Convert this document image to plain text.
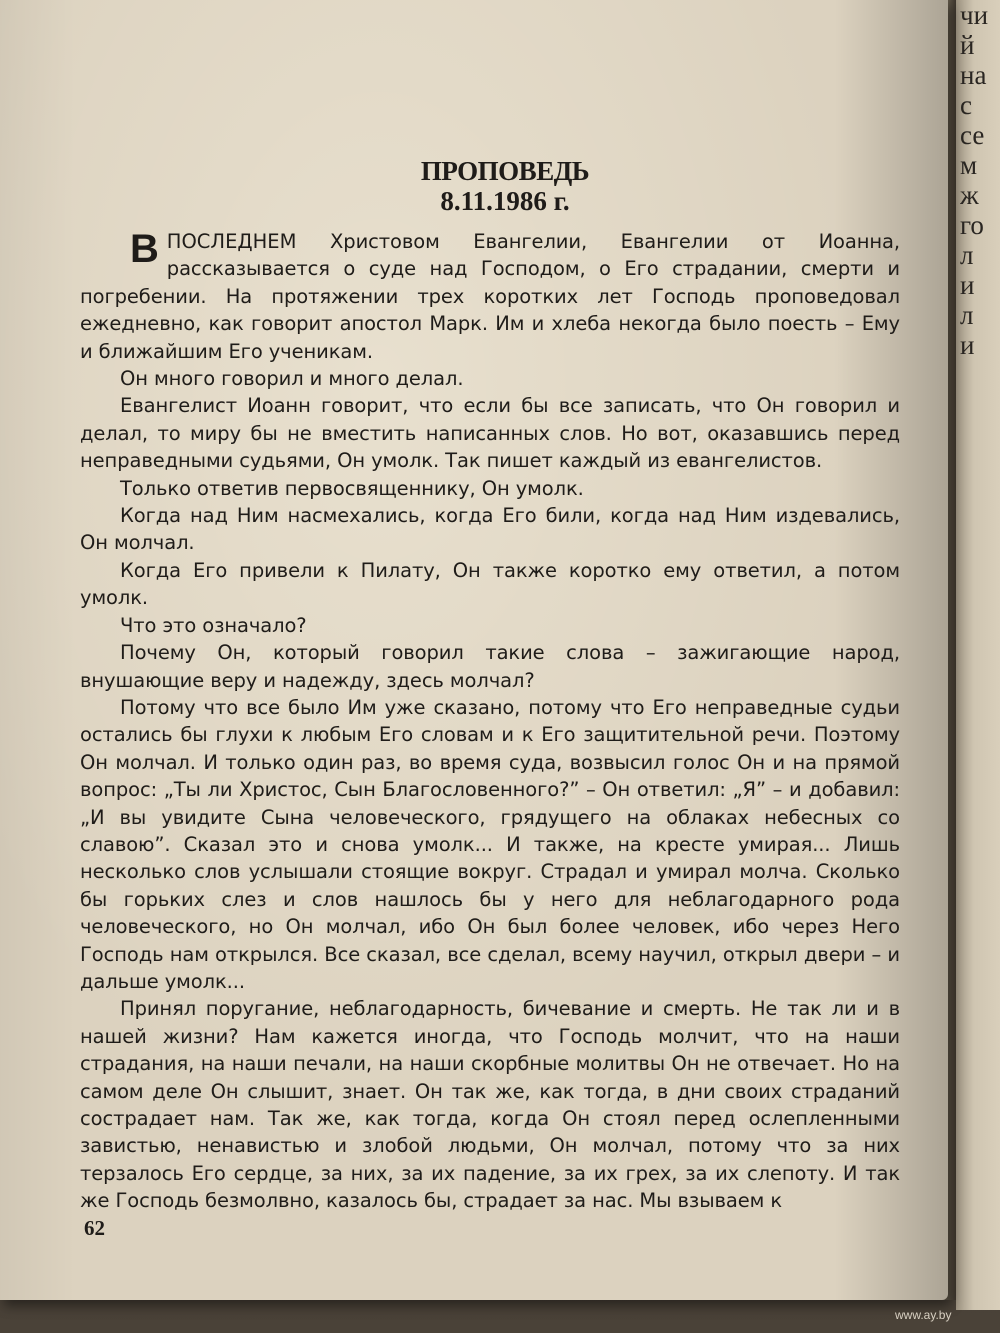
чи
й
на
с
се
м
ж
го
л
и
л
и
ПРОПОВЕДЬ
8.11.1986 г.

В ПОСЛЕДНЕМ Христовом Евангелии, Евангелии от Иоанна, рассказывается о суде над Господом, о Его страдании, смерти и погребении. На протяжении трех коротких лет Господь проповедовал ежедневно, как говорит апостол Марк. Им и хлеба некогда было поесть – Ему и ближайшим Его ученикам.

Он много говорил и много делал.

Евангелист Иоанн говорит, что если бы все записать, что Он говорил и делал, то миру бы не вместить написанных слов. Но вот, оказавшись перед неправедными судьями, Он умолк. Так пишет каждый из евангелистов.

Только ответив первосвященнику, Он умолк.

Когда над Ним насмехались, когда Его били, когда над Ним издевались, Он молчал.

Когда Его привели к Пилату, Он также коротко ему ответил, а потом умолк.

Что это означало?

Почему Он, который говорил такие слова – зажигающие народ, внушающие веру и надежду, здесь молчал?

Потому что все было Им уже сказано, потому что Его неправедные судьи остались бы глухи к любым Его словам и к Его защитительной речи. Поэтому Он молчал. И только один раз, во время суда, возвысил голос Он и на прямой вопрос: „Ты ли Христос, Сын Благословенного?” – Он ответил: „Я” – и добавил: „И вы увидите Сына человеческого, грядущего на облаках небесных со славою”. Сказал это и снова умолк... И также, на кресте умирая... Лишь несколько слов услышали стоящие вокруг. Страдал и умирал молча. Сколько бы горьких слез и слов нашлось бы у него для неблагодарного рода человеческого, но Он молчал, ибо Он был более человек, ибо через Него Господь нам открылся. Все сказал, все сделал, всему научил, открыл двери – и дальше умолк...

Принял поругание, неблагодарность, бичевание и смерть. Не так ли и в нашей жизни? Нам кажется иногда, что Господь молчит, что на наши страдания, на наши печали, на наши скорбные молитвы Он не отвечает. Но на самом деле Он слышит, знает. Он так же, как тогда, в дни своих страданий сострадает нам. Так же, как тогда, когда Он стоял перед ослепленными завистью, ненавистью и злобой людьми, Он молчал, потому что за них терзалось Его сердце, за них, за их падение, за их грех, за их слепоту. И так же Господь безмолвно, казалось бы, страдает за нас. Мы взываем к

62
www.ay.by
